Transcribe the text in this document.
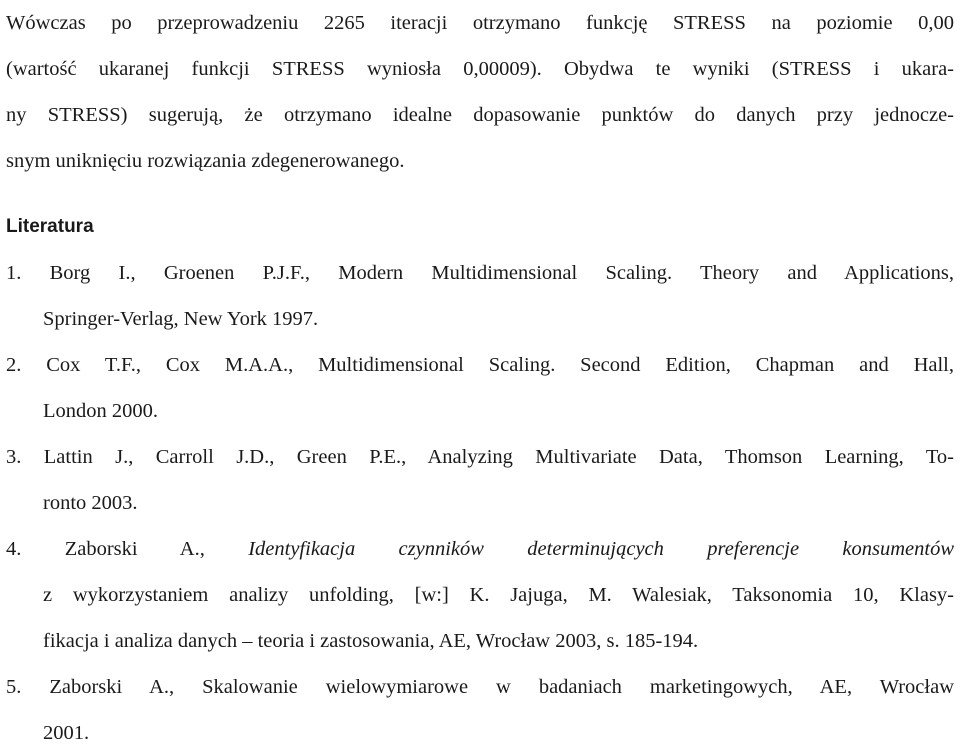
Wówczas po przeprowadzeniu 2265 iteracji otrzymano funkcję STRESS na poziomie 0,00
(wartość ukaranej funkcji STRESS wyniosła 0,00009). Obydwa te wyniki (STRESS i ukara-
ny STRESS) sugerują, że otrzymano idealne dopasowanie punktów do danych przy jednocze-
snym uniknięciu rozwiązania zdegenerowanego.

Literatura
1. Borg I., Groenen P.J.F., Modern Multidimensional Scaling. Theory and Applications,
Springer-Verlag, New York 1997.
2. Cox T.F., Cox M.A.A., Multidimensional Scaling. Second Edition, Chapman and Hall,
London 2000.
3. Lattin J., Carroll J.D., Green P.E., Analyzing Multivariate Data, Thomson Learning, To-
ronto 2003.
4. Zaborski A., Identyfikacja czynników determinujących preferencje konsumentów
z wykorzystaniem analizy unfolding, [w:] K. Jajuga, M. Walesiak, Taksonomia 10, Klasy-
fikacja i analiza danych – teoria i zastosowania, AE, Wrocław 2003, s. 185-194.
5. Zaborski A., Skalowanie wielowymiarowe w badaniach marketingowych, AE, Wrocław
2001.
